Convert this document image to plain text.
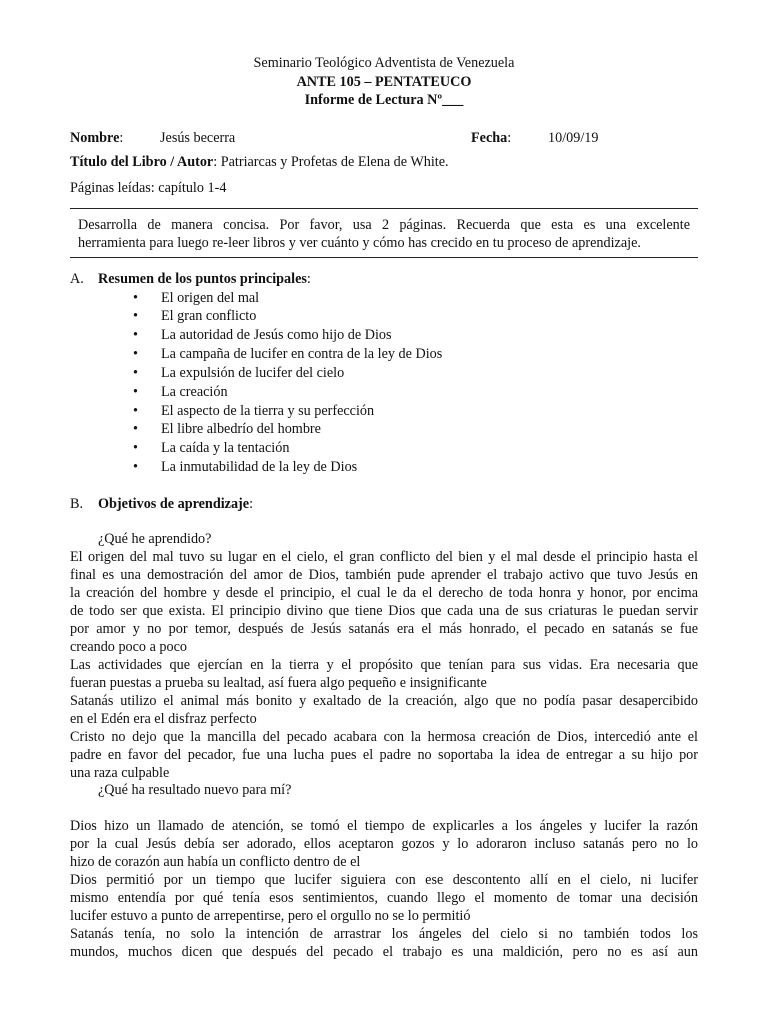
Seminario Teológico Adventista de Venezuela
ANTE 105 – PENTATEUCO
Informe de Lectura Nº___
Nombre:	Jesús becerra	Fecha:	10/09/19
Título del Libro / Autor: Patriarcas y Profetas de Elena de White.
Páginas leídas: capítulo 1-4
Desarrolla de manera concisa. Por favor, usa 2 páginas. Recuerda que esta es una excelente
herramienta para luego re-leer libros y ver cuánto y cómo has crecido en tu proceso de aprendizaje.
A. Resumen de los puntos principales:
• El origen del mal
• El gran conflicto
• La autoridad de Jesús como hijo de Dios
• La campaña de lucifer en contra de la ley de Dios
• La expulsión de lucifer del cielo
• La creación
• El aspecto de la tierra y su perfección
• El libre albedrío del hombre
• La caída y la tentación
• La inmutabilidad de la ley de Dios
B. Objetivos de aprendizaje:
¿Qué he aprendido?
El origen del mal tuvo su lugar en el cielo, el gran conflicto del bien y el mal desde el principio hasta el
final es una demostración del amor de Dios, también pude aprender el trabajo activo que tuvo Jesús en
la creación del hombre y desde el principio, el cual le da el derecho de toda honra y honor, por encima
de todo ser que exista. El principio divino que tiene Dios que cada una de sus criaturas le puedan servir
por amor y no por temor, después de Jesús satanás era el más honrado, el pecado en satanás se fue
creando poco a poco
Las actividades que ejercían en la tierra y el propósito que tenían para sus vidas. Era necesaria que
fueran puestas a prueba su lealtad, así fuera algo pequeño e insignificante
Satanás utilizo el animal más bonito y exaltado de la creación, algo que no podía pasar desapercibido
en el Edén era el disfraz perfecto
Cristo no dejo que la mancilla del pecado acabara con la hermosa creación de Dios, intercedió ante el
padre en favor del pecador, fue una lucha pues el padre no soportaba la idea de entregar a su hijo por
una raza culpable
¿Qué ha resultado nuevo para mí?
Dios hizo un llamado de atención, se tomó el tiempo de explicarles a los ángeles y lucifer la razón
por la cual Jesús debía ser adorado, ellos aceptaron gozos y lo adoraron incluso satanás pero no lo
hizo de corazón aun había un conflicto dentro de el
Dios permitió por un tiempo que lucifer siguiera con ese descontento allí en el cielo, ni lucifer
mismo entendía por qué tenía esos sentimientos, cuando llego el momento de tomar una decisión
lucifer estuvo a punto de arrepentirse, pero el orgullo no se lo permitió
Satanás tenía, no solo la intención de arrastrar los ángeles del cielo si no también todos los
mundos, muchos dicen que después del pecado el trabajo es una maldición, pero no es así aun
